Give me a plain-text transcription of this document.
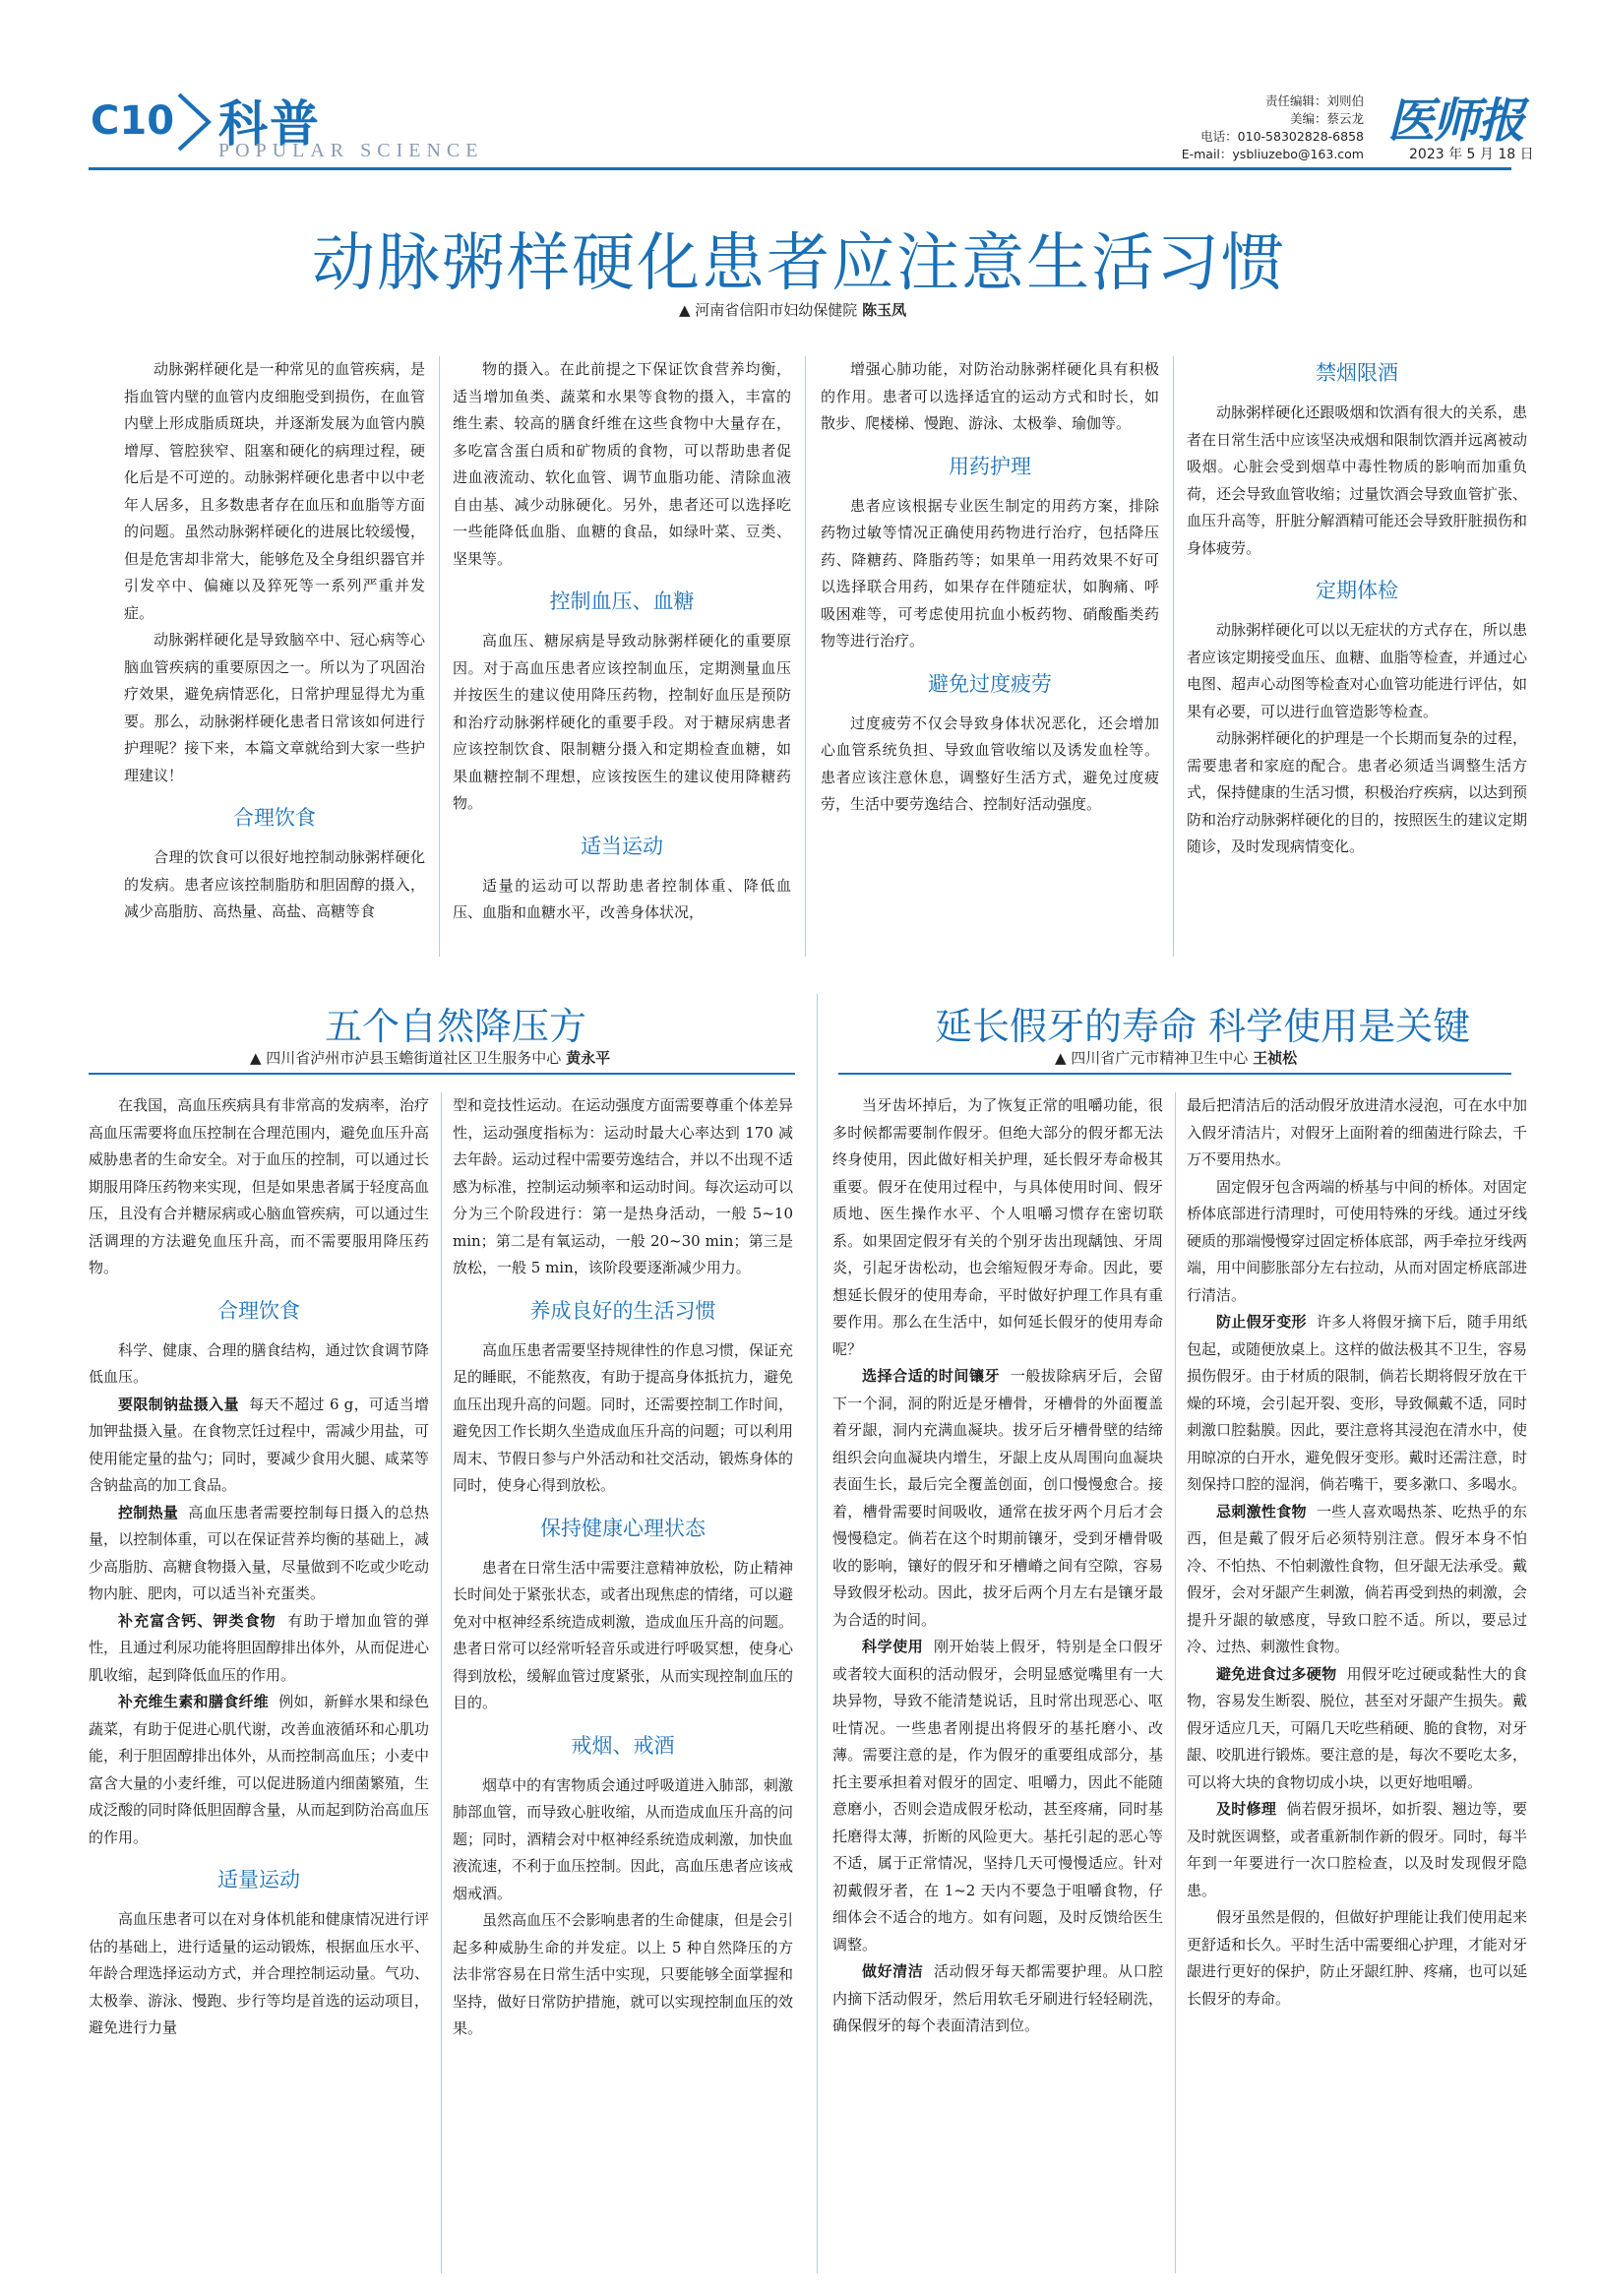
C10 科普
POPULAR SCIENCE
责任编辑：刘则伯
美编：蔡云龙
电话：010-58302828-6858
E-mail：ysbliuzebo@163.com
医师报
2023 年 5 月 18 日
动脉粥样硬化患者应注意生活习惯
▲ 河南省信阳市妇幼保健院 陈玉凤

动脉粥样硬化是一种常见的血管疾病，是指血管内壁的血管内皮细胞受到损伤，在血管内壁上形成脂质斑块，并逐渐发展为血管内膜增厚、管腔狭窄、阻塞和硬化的病理过程，硬化后是不可逆的。动脉粥样硬化患者中以中老年人居多，且多数患者存在血压和血脂等方面的问题。虽然动脉粥样硬化的进展比较缓慢，但是危害却非常大，能够危及全身组织器官并引发卒中、偏瘫以及猝死等一系列严重并发症。

动脉粥样硬化是导致脑卒中、冠心病等心脑血管疾病的重要原因之一。所以为了巩固治疗效果，避免病情恶化，日常护理显得尤为重要。那么，动脉粥样硬化患者日常该如何进行护理呢？接下来，本篇文章就给到大家一些护理建议！

合理饮食

合理的饮食可以很好地控制动脉粥样硬化的发病。患者应该控制脂肪和胆固醇的摄入，减少高脂肪、高热量、高盐、高糖等食

物的摄入。在此前提之下保证饮食营养均衡，适当增加鱼类、蔬菜和水果等食物的摄入，丰富的维生素、较高的膳食纤维在这些食物中大量存在，多吃富含蛋白质和矿物质的食物，可以帮助患者促进血液流动、软化血管、调节血脂功能、清除血液自由基、减少动脉硬化。另外，患者还可以选择吃一些能降低血脂、血糖的食品，如绿叶菜、豆类、坚果等。

控制血压、血糖

高血压、糖尿病是导致动脉粥样硬化的重要原因。对于高血压患者应该控制血压，定期测量血压并按医生的建议使用降压药物，控制好血压是预防和治疗动脉粥样硬化的重要手段。对于糖尿病患者应该控制饮食、限制糖分摄入和定期检查血糖，如果血糖控制不理想，应该按医生的建议使用降糖药物。

适当运动

适量的运动可以帮助患者控制体重、降低血压、血脂和血糖水平，改善身体状况，

增强心肺功能，对防治动脉粥样硬化具有积极的作用。患者可以选择适宜的运动方式和时长，如散步、爬楼梯、慢跑、游泳、太极拳、瑜伽等。

用药护理

患者应该根据专业医生制定的用药方案，排除药物过敏等情况正确使用药物进行治疗，包括降压药、降糖药、降脂药等；如果单一用药效果不好可以选择联合用药，如果存在伴随症状，如胸痛、呼吸困难等，可考虑使用抗血小板药物、硝酸酯类药物等进行治疗。

避免过度疲劳

过度疲劳不仅会导致身体状况恶化，还会增加心血管系统负担、导致血管收缩以及诱发血栓等。患者应该注意休息，调整好生活方式，避免过度疲劳，生活中要劳逸结合、控制好活动强度。

禁烟限酒

动脉粥样硬化还跟吸烟和饮酒有很大的关系，患者在日常生活中应该坚决戒烟和限制饮酒并远离被动吸烟。心脏会受到烟草中毒性物质的影响而加重负荷，还会导致血管收缩；过量饮酒会导致血管扩张、血压升高等，肝脏分解酒精可能还会导致肝脏损伤和身体疲劳。

定期体检

动脉粥样硬化可以以无症状的方式存在，所以患者应该定期接受血压、血糖、血脂等检查，并通过心电图、超声心动图等检查对心血管功能进行评估，如果有必要，可以进行血管造影等检查。

动脉粥样硬化的护理是一个长期而复杂的过程，需要患者和家庭的配合。患者必须适当调整生活方式，保持健康的生活习惯，积极治疗疾病，以达到预防和治疗动脉粥样硬化的目的，按照医生的建议定期随诊，及时发现病情变化。

五个自然降压方
▲ 四川省泸州市泸县玉蟾街道社区卫生服务中心 黄永平

在我国，高血压疾病具有非常高的发病率，治疗高血压需要将血压控制在合理范围内，避免血压升高威胁患者的生命安全。对于血压的控制，可以通过长期服用降压药物来实现，但是如果患者属于轻度高血压，且没有合并糖尿病或心脑血管疾病，可以通过生活调理的方法避免血压升高，而不需要服用降压药物。

合理饮食

科学、健康、合理的膳食结构，通过饮食调节降低血压。

要限制钠盐摄入量 每天不超过 6 g，可适当增加钾盐摄入量。在食物烹饪过程中，需减少用盐，可使用能定量的盐勺；同时，要减少食用火腿、咸菜等含钠盐高的加工食品。

控制热量 高血压患者需要控制每日摄入的总热量，以控制体重，可以在保证营养均衡的基础上，减少高脂肪、高糖食物摄入量，尽量做到不吃或少吃动物内脏、肥肉，可以适当补充蛋类。

补充富含钙、钾类食物 有助于增加血管的弹性，且通过利尿功能将胆固醇排出体外，从而促进心肌收缩，起到降低血压的作用。

补充维生素和膳食纤维 例如，新鲜水果和绿色蔬菜，有助于促进心肌代谢，改善血液循环和心肌功能，利于胆固醇排出体外，从而控制高血压；小麦中富含大量的小麦纤维，可以促进肠道内细菌繁殖，生成泛酸的同时降低胆固醇含量，从而起到防治高血压的作用。

适量运动

高血压患者可以在对身体机能和健康情况进行评估的基础上，进行适量的运动锻炼，根据血压水平、年龄合理选择运动方式，并合理控制运动量。气功、太极拳、游泳、慢跑、步行等均是首选的运动项目，避免进行力量

型和竞技性运动。在运动强度方面需要尊重个体差异性，运动强度指标为：运动时最大心率达到 170 减去年龄。运动过程中需要劳逸结合，并以不出现不适感为标准，控制运动频率和运动时间。每次运动可以分为三个阶段进行：第一是热身活动，一般 5~10 min；第二是有氧运动，一般 20~30 min；第三是放松，一般 5 min，该阶段要逐渐减少用力。

养成良好的生活习惯

高血压患者需要坚持规律性的作息习惯，保证充足的睡眠，不能熬夜，有助于提高身体抵抗力，避免血压出现升高的问题。同时，还需要控制工作时间，避免因工作长期久坐造成血压升高的问题；可以利用周末、节假日参与户外活动和社交活动，锻炼身体的同时，使身心得到放松。

保持健康心理状态

患者在日常生活中需要注意精神放松，防止精神长时间处于紧张状态，或者出现焦虑的情绪，可以避免对中枢神经系统造成刺激，造成血压升高的问题。患者日常可以经常听轻音乐或进行呼吸冥想，使身心得到放松，缓解血管过度紧张，从而实现控制血压的目的。

戒烟、戒酒

烟草中的有害物质会通过呼吸道进入肺部，刺激肺部血管，而导致心脏收缩，从而造成血压升高的问题；同时，酒精会对中枢神经系统造成刺激，加快血液流速，不利于血压控制。因此，高血压患者应该戒烟戒酒。

虽然高血压不会影响患者的生命健康，但是会引起多种威胁生命的并发症。以上 5 种自然降压的方法非常容易在日常生活中实现，只要能够全面掌握和坚持，做好日常防护措施，就可以实现控制血压的效果。

延长假牙的寿命 科学使用是关键
▲ 四川省广元市精神卫生中心 王祯松

当牙齿坏掉后，为了恢复正常的咀嚼功能，很多时候都需要制作假牙。但绝大部分的假牙都无法终身使用，因此做好相关护理，延长假牙寿命极其重要。假牙在使用过程中，与具体使用时间、假牙质地、医生操作水平、个人咀嚼习惯存在密切联系。如果固定假牙有关的个别牙齿出现龋蚀、牙周炎，引起牙齿松动，也会缩短假牙寿命。因此，要想延长假牙的使用寿命，平时做好护理工作具有重要作用。那么在生活中，如何延长假牙的使用寿命呢？

选择合适的时间镶牙 一般拔除病牙后，会留下一个洞，洞的附近是牙槽骨，牙槽骨的外面覆盖着牙龈，洞内充满血凝块。拔牙后牙槽骨壁的结缔组织会向血凝块内增生，牙龈上皮从周围向血凝块表面生长，最后完全覆盖创面，创口慢慢愈合。接着，槽骨需要时间吸收，通常在拔牙两个月后才会慢慢稳定。倘若在这个时期前镶牙，受到牙槽骨吸收的影响，镶好的假牙和牙槽嵴之间有空隙，容易导致假牙松动。因此，拔牙后两个月左右是镶牙最为合适的时间。

科学使用 刚开始装上假牙，特别是全口假牙或者较大面积的活动假牙，会明显感觉嘴里有一大块异物，导致不能清楚说话，且时常出现恶心、呕吐情况。一些患者刚提出将假牙的基托磨小、改薄。需要注意的是，作为假牙的重要组成部分，基托主要承担着对假牙的固定、咀嚼力，因此不能随意磨小，否则会造成假牙松动，甚至疼痛，同时基托磨得太薄，折断的风险更大。基托引起的恶心等不适，属于正常情况，坚持几天可慢慢适应。针对初戴假牙者，在 1~2 天内不要急于咀嚼食物，仔细体会不适合的地方。如有问题，及时反馈给医生调整。

做好清洁 活动假牙每天都需要护理。从口腔内摘下活动假牙，然后用软毛牙刷进行轻轻刷洗，确保假牙的每个表面清洁到位。

最后把清洁后的活动假牙放进清水浸泡，可在水中加入假牙清洁片，对假牙上面附着的细菌进行除去，千万不要用热水。

固定假牙包含两端的桥基与中间的桥体。对固定桥体底部进行清理时，可使用特殊的牙线。通过牙线硬质的那端慢慢穿过固定桥体底部，两手牵拉牙线两端，用中间膨胀部分左右拉动，从而对固定桥底部进行清洁。

防止假牙变形 许多人将假牙摘下后，随手用纸包起，或随便放桌上。这样的做法极其不卫生，容易损伤假牙。由于材质的限制，倘若长期将假牙放在干燥的环境，会引起开裂、变形，导致佩戴不适，同时刺激口腔黏膜。因此，要注意将其浸泡在清水中，使用晾凉的白开水，避免假牙变形。戴时还需注意，时刻保持口腔的湿润，倘若嘴干，要多漱口、多喝水。

忌刺激性食物 一些人喜欢喝热茶、吃热乎的东西，但是戴了假牙后必须特别注意。假牙本身不怕冷、不怕热、不怕刺激性食物，但牙龈无法承受。戴假牙，会对牙龈产生刺激，倘若再受到热的刺激，会提升牙龈的敏感度，导致口腔不适。所以，要忌过冷、过热、刺激性食物。

避免进食过多硬物 用假牙吃过硬或黏性大的食物，容易发生断裂、脱位，甚至对牙龈产生损失。戴假牙适应几天，可隔几天吃些稍硬、脆的食物，对牙龈、咬肌进行锻炼。要注意的是，每次不要吃太多，可以将大块的食物切成小块，以更好地咀嚼。

及时修理 倘若假牙损坏，如折裂、翘边等，要及时就医调整，或者重新制作新的假牙。同时，每半年到一年要进行一次口腔检查，以及时发现假牙隐患。

假牙虽然是假的，但做好护理能让我们使用起来更舒适和长久。平时生活中需要细心护理，才能对牙龈进行更好的保护，防止牙龈红肿、疼痛，也可以延长假牙的寿命。
